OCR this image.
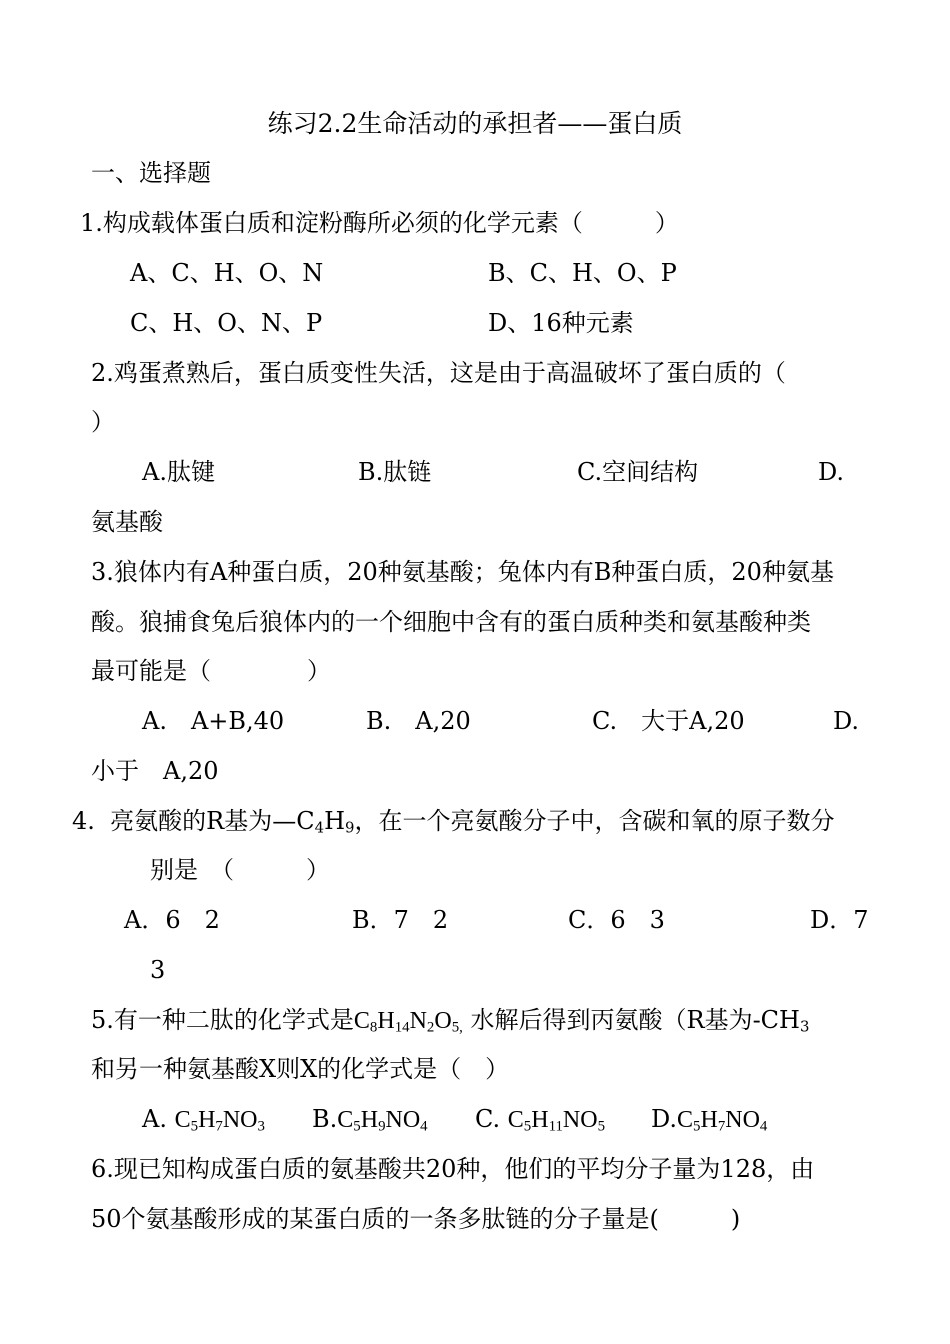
练习2.2生命活动的承担者——蛋白质
一、选择题
1.构成载体蛋白质和淀粉酶所必须的化学元素（　　　）
A、C、H、O、N	B、C、H、O、P
C、H、O、N、P	D、16种元素
2.鸡蛋煮熟后，蛋白质变性失活，这是由于高温破坏了蛋白质的（
）
A.肽键	B.肽链	C.空间结构	D.
氨基酸
3.狼体内有A种蛋白质，20种氨基酸；兔体内有B种蛋白质，20种氨基
酸。狼捕食兔后狼体内的一个细胞中含有的蛋白质种类和氨基酸种类
最可能是（　　　　）
A.　A+B,40	B.　A,20	C.　大于A,20	D.
小于　A,20
4. 亮氨酸的R基为$—C_4H_9$，在一个亮氨酸分子中，含碳和氧的原子数分
别是　（　　　）
A．6　2	B．7　2	C．6　3	D．7
3
5.有一种二肽的化学式是$C_8H_{14}N_2O_{5,}$ 水解后得到丙氨酸（R基为$-CH_3$
和另一种氨基酸X则X的化学式是（　）
A. $C_5H_7NO_3$ $B.C_5H_9NO_4$ C. $C_5H_{11}NO_5$ $D.C_5H_7NO_4$
6.现已知构成蛋白质的氨基酸共20种，他们的平均分子量为128，由
50个氨基酸形成的某蛋白质的一条多肽链的分子量是(　　　)
